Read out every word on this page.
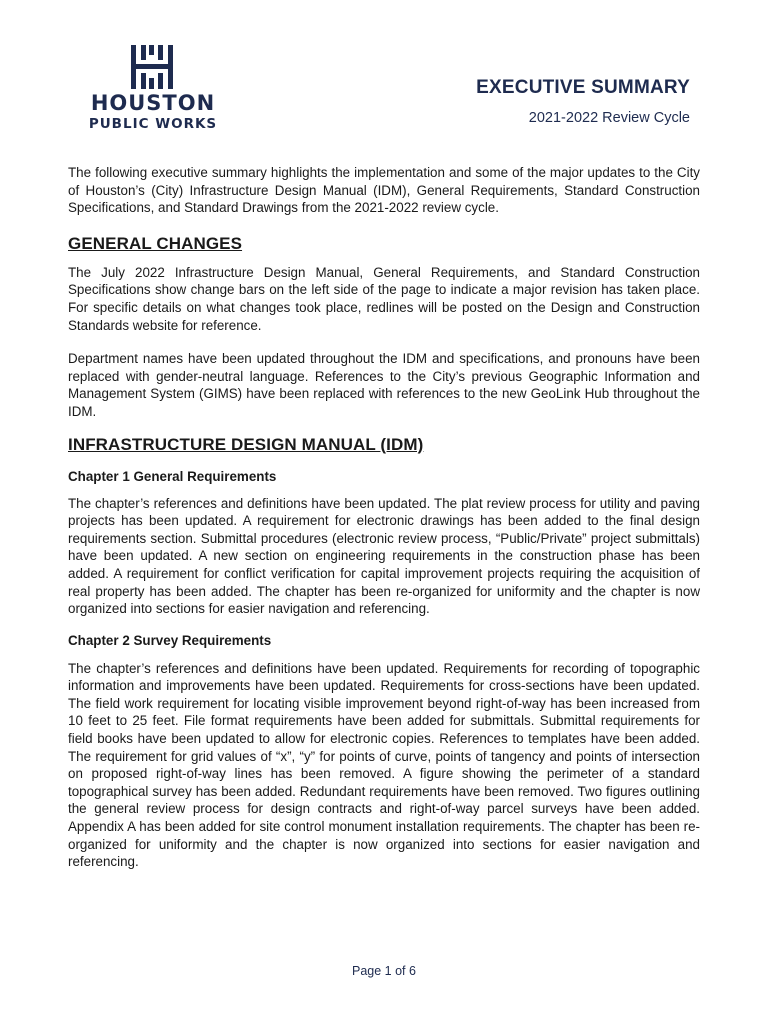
HOUSTON
PUBLIC WORKS
EXECUTIVE SUMMARY
2021-2022 Review Cycle

The following executive summary highlights the implementation and some of the major updates to the City of Houston’s (City) Infrastructure Design Manual (IDM), General Requirements, Standard Construction Specifications, and Standard Drawings from the 2021-2022 review cycle.

GENERAL CHANGES

The July 2022 Infrastructure Design Manual, General Requirements, and Standard Construction Specifications show change bars on the left side of the page to indicate a major revision has taken place. For specific details on what changes took place, redlines will be posted on the Design and Construction Standards website for reference.

Department names have been updated throughout the IDM and specifications, and pronouns have been replaced with gender-neutral language. References to the City’s previous Geographic Information and Management System (GIMS) have been replaced with references to the new GeoLink Hub throughout the IDM.

INFRASTRUCTURE DESIGN MANUAL (IDM)
Chapter 1 General Requirements

The chapter’s references and definitions have been updated. The plat review process for utility and paving projects has been updated. A requirement for electronic drawings has been added to the final design requirements section. Submittal procedures (electronic review process, “Public/Private” project submittals) have been updated. A new section on engineering requirements in the construction phase has been added. A requirement for conflict verification for capital improvement projects requiring the acquisition of real property has been added. The chapter has been re-organized for uniformity and the chapter is now organized into sections for easier navigation and referencing.

Chapter 2 Survey Requirements

The chapter’s references and definitions have been updated. Requirements for recording of topographic information and improvements have been updated. Requirements for cross-sections have been updated. The field work requirement for locating visible improvement beyond right-of-way has been increased from 10 feet to 25 feet. File format requirements have been added for submittals. Submittal requirements for field books have been updated to allow for electronic copies. References to templates have been added. The requirement for grid values of “x”, “y” for points of curve, points of tangency and points of intersection on proposed right-of-way lines has been removed. A figure showing the perimeter of a standard topographical survey has been added. Redundant requirements have been removed. Two figures outlining the general review process for design contracts and right-of-way parcel surveys have been added. Appendix A has been added for site control monument installation requirements. The chapter has been re-organized for uniformity and the chapter is now organized into sections for easier navigation and referencing.

Page 1 of 6
